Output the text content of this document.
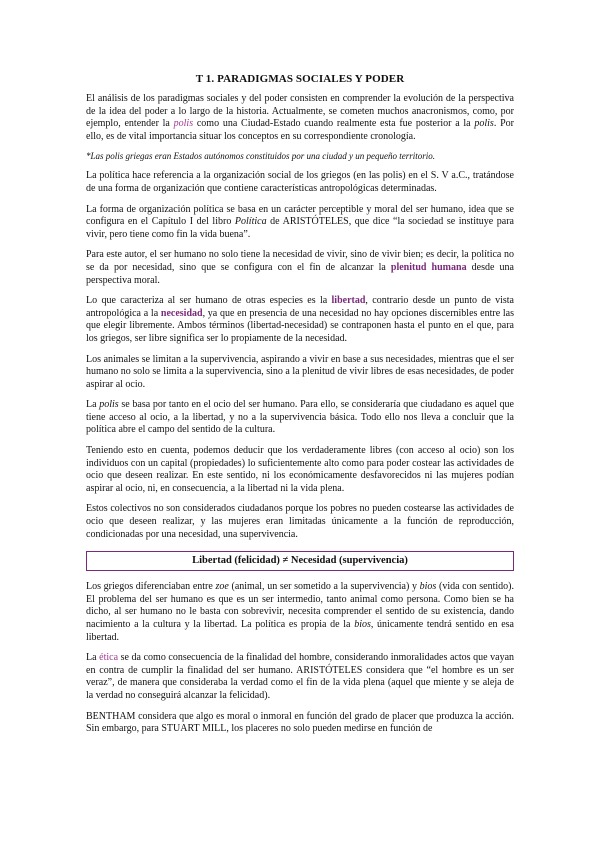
T 1. PARADIGMAS SOCIALES Y PODER

El análisis de los paradigmas sociales y del poder consisten en comprender la evolución de la perspectiva de la idea del poder a lo largo de la historia. Actualmente, se cometen muchos anacronismos, como, por ejemplo, entender la polis como una Ciudad-Estado cuando realmente esta fue posterior a la polis. Por ello, es de vital importancia situar los conceptos en su correspondiente cronología.

*Las polis griegas eran Estados autónomos constituidos por una ciudad y un pequeño territorio.

La política hace referencia a la organización social de los griegos (en las polis) en el S. V a.C., tratándose de una forma de organización que contiene características antropológicas determinadas.

La forma de organización política se basa en un carácter perceptible y moral del ser humano, idea que se configura en el Capítulo I del libro Política de ARISTÓTELES, que dice “la sociedad se instituye para vivir, pero tiene como fin la vida buena”.

Para este autor, el ser humano no solo tiene la necesidad de vivir, sino de vivir bien; es decir, la política no se da por necesidad, sino que se configura con el fin de alcanzar la plenitud humana desde una perspectiva moral.

Lo que caracteriza al ser humano de otras especies es la libertad, contrario desde un punto de vista antropológica a la necesidad, ya que en presencia de una necesidad no hay opciones discernibles entre las que elegir libremente. Ambos términos (libertad-necesidad) se contraponen hasta el punto en el que, para los griegos, ser libre significa ser lo propiamente de la necesidad.

Los animales se limitan a la supervivencia, aspirando a vivir en base a sus necesidades, mientras que el ser humano no solo se limita a la supervivencia, sino a la plenitud de vivir libres de esas necesidades, de poder aspirar al ocio.

La polis se basa por tanto en el ocio del ser humano. Para ello, se consideraría que ciudadano es aquel que tiene acceso al ocio, a la libertad, y no a la supervivencia básica. Todo ello nos lleva a concluir que la política abre el campo del sentido de la cultura.

Teniendo esto en cuenta, podemos deducir que los verdaderamente libres (con acceso al ocio) son los individuos con un capital (propiedades) lo suficientemente alto como para poder costear las actividades de ocio que deseen realizar. En este sentido, ni los económicamente desfavorecidos ni las mujeres podían aspirar al ocio, ni, en consecuencia, a la libertad ni la vida plena.

Estos colectivos no son considerados ciudadanos porque los pobres no pueden costearse las actividades de ocio que deseen realizar, y las mujeres eran limitadas únicamente a la función de reproducción, condicionadas por una necesidad, una supervivencia.

Libertad (felicidad) ≠ Necesidad (supervivencia)

Los griegos diferenciaban entre zoe (animal, un ser sometido a la supervivencia) y bios (vida con sentido). El problema del ser humano es que es un ser intermedio, tanto animal como persona. Como bien se ha dicho, al ser humano no le basta con sobrevivir, necesita comprender el sentido de su existencia, dando nacimiento a la cultura y la libertad. La política es propia de la bios, únicamente tendrá sentido en esa libertad.

La ética se da como consecuencia de la finalidad del hombre, considerando inmoralidades actos que vayan en contra de cumplir la finalidad del ser humano. ARISTÓTELES considera que “el hombre es un ser veraz”, de manera que consideraba la verdad como el fin de la vida plena (aquel que miente y se aleja de la verdad no conseguirá alcanzar la felicidad).

BENTHAM considera que algo es moral o inmoral en función del grado de placer que produzca la acción. Sin embargo, para STUART MILL, los placeres no solo pueden medirse en función de
